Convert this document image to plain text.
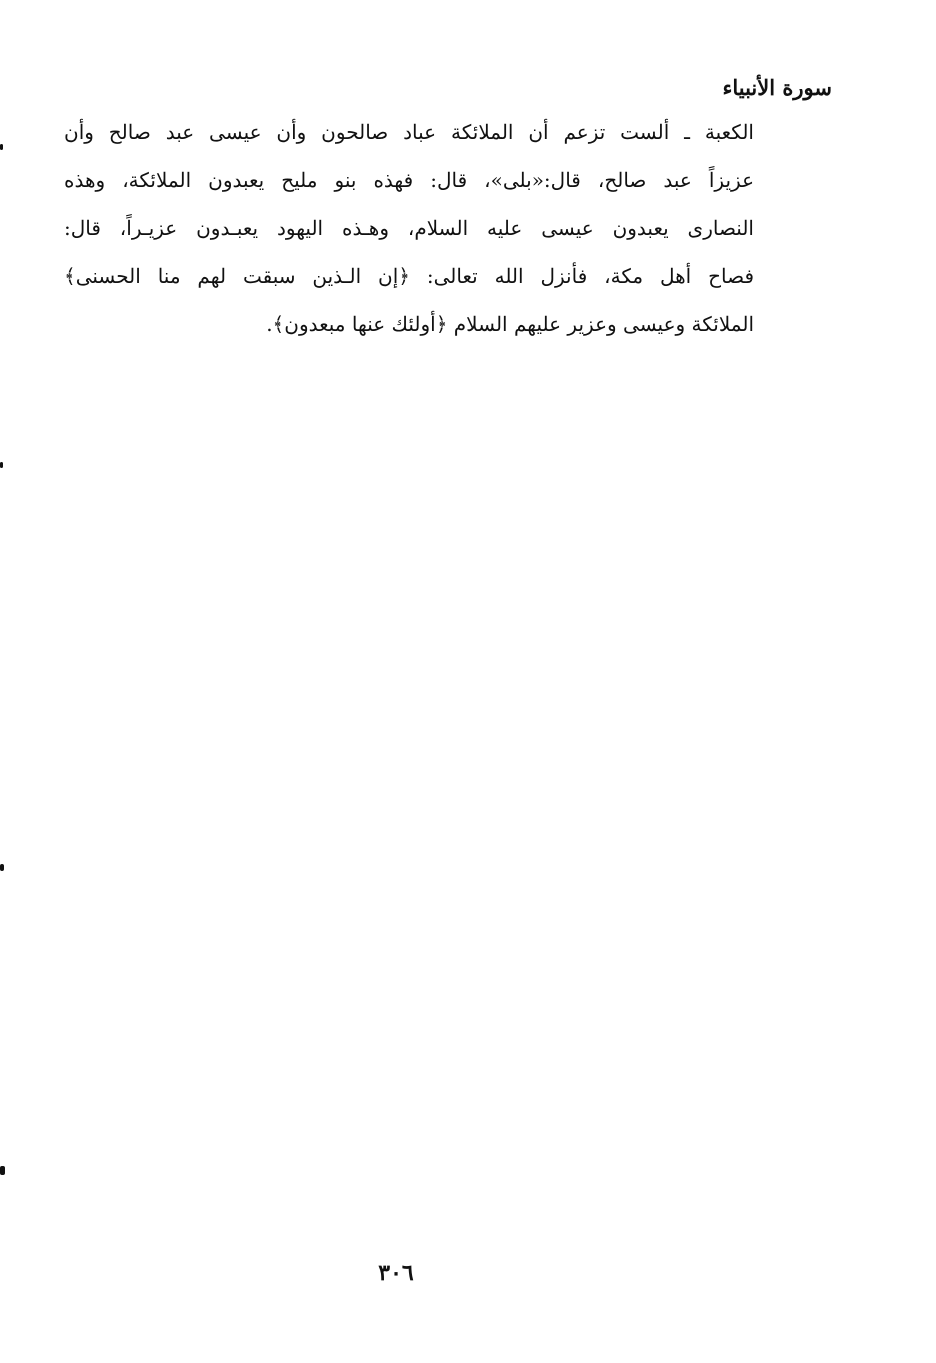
سورة الأنبياء
الكعبة ـ ألست تزعم أن الملائكة عباد صالحون وأن عيسى عبد صالح وأن
عزيزاً عبد صالح، قال:«بلى»، قال: فهذه بنو مليح يعبدون الملائكة، وهذه
النصارى يعبدون عيسى عليه السلام، وهـذه اليهود يعبـدون عزيـراً، قال:
فصاح أهل مكة، فأنزل الله تعالى: ﴿إن الـذين سبقت لهم منا الحسنى﴾
الملائكة وعيسى وعزير عليهم السلام ﴿أولئك عنها مبعدون﴾.
٣٠٦
